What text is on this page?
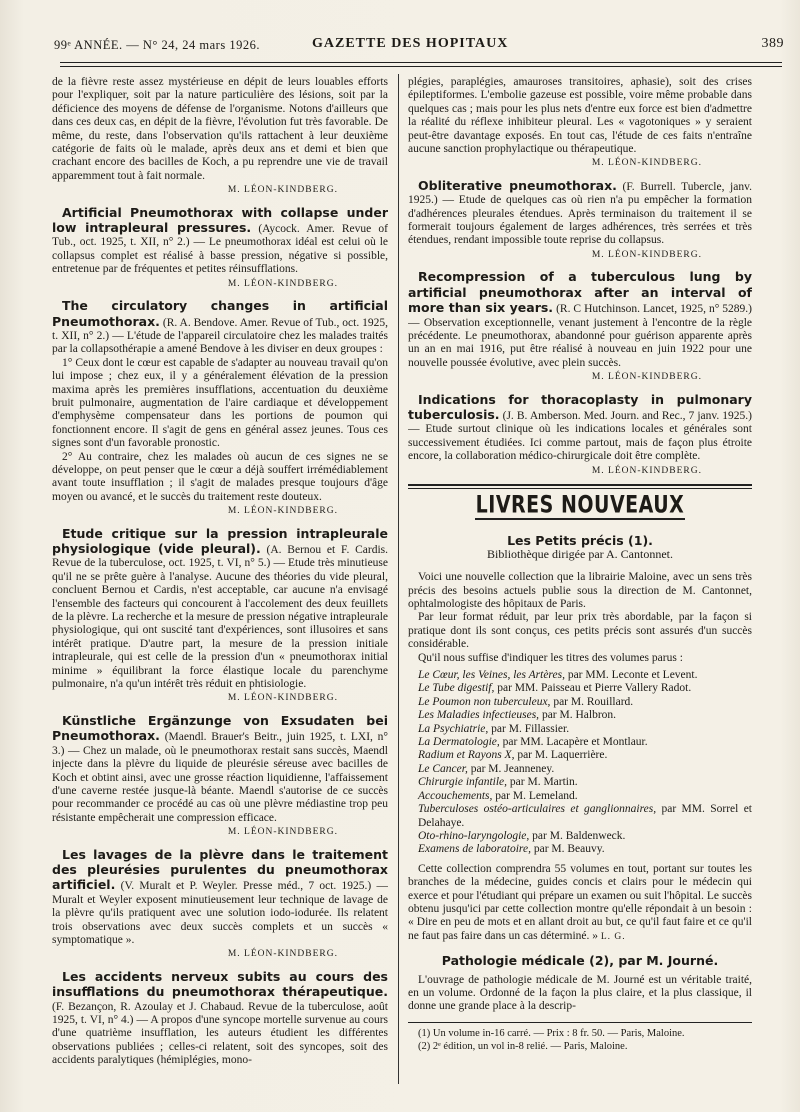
99ᵉ ANNÉE. — N° 24, 24 mars 1926.	GAZETTE DES HOPITAUX	389

de la fièvre reste assez mystérieuse en dépit de leurs louables efforts pour l'expliquer, soit par la nature particulière des lésions, soit par la déficience des moyens de défense de l'organisme. Notons d'ailleurs que dans ces deux cas, en dépit de la fièvre, l'évolution fut très favorable. De même, du reste, dans l'observation qu'ils rattachent à leur deuxième catégorie de faits où le malade, après deux ans et demi et bien que crachant encore des bacilles de Koch, a pu reprendre une vie de travail apparemment tout à fait normale.

M. LÉON-KINDBERG.

Artificial Pneumothorax with collapse under low intrapleural pressures. (Aycock. Amer. Revue of Tub., oct. 1925, t. XII, n° 2.) — Le pneumothorax idéal est celui où le collapsus complet est réalisé à basse pression, négative si possible, entretenue par de fréquentes et petites réinsufflations.

M. LÉON-KINDBERG.

The circulatory changes in artificial Pneumothorax. (R. A. Bendove. Amer. Revue of Tub., oct. 1925, t. XII, n° 2.) — L'étude de l'appareil circulatoire chez les malades traités par la collapsothérapie a amené Bendove à les diviser en deux groupes :

1° Ceux dont le cœur est capable de s'adapter au nouveau travail qu'on lui impose ; chez eux, il y a généralement élévation de la pression maxima après les premières insufflations, accentuation du deuxième bruit pulmonaire, augmentation de l'aire cardiaque et développement d'emphysème compensateur dans les portions de poumon qui fonctionnent encore. Il s'agit de gens en général assez jeunes. Tous ces signes sont d'un favorable pronostic.

2° Au contraire, chez les malades où aucun de ces signes ne se développe, on peut penser que le cœur a déjà souffert irrémédiablement avant toute insufflation ; il s'agit de malades presque toujours d'âge moyen ou avancé, et le succès du traitement reste douteux.

M. LÉON-KINDBERG.

Etude critique sur la pression intrapleurale physiologique (vide pleural). (A. Bernou et F. Cardis. Revue de la tuberculose, oct. 1925, t. VI, n° 5.) — Etude très minutieuse qu'il ne se prête guère à l'analyse. Aucune des théories du vide pleural, concluent Bernou et Cardis, n'est acceptable, car aucune n'a envisagé l'ensemble des facteurs qui concourent à l'accolement des deux feuillets de la plèvre. La recherche et la mesure de pression négative intrapleurale physiologique, qui ont suscité tant d'expériences, sont illusoires et sans intérêt pratique. D'autre part, la mesure de la pression initiale intrapleurale, qui est celle de la pression d'un « pneumothorax initial minime » équilibrant la force élastique locale du parenchyme pulmonaire, n'a qu'un intérêt très réduit en phtisiologie.

M. LÉON-KINDBERG.

Künstliche Ergänzunge von Exsudaten bei Pneumothorax. (Maendl. Brauer's Beitr., juin 1925, t. LXI, n° 3.) — Chez un malade, où le pneumothorax restait sans succès, Maendl injecte dans la plèvre du liquide de pleurésie séreuse avec bacilles de Koch et obtint ainsi, avec une grosse réaction liquidienne, l'affaissement d'une caverne restée jusque-là béante. Maendl s'autorise de ce succès pour recommander ce procédé au cas où une plèvre médiastine trop peu résistante empêcherait une compression efficace.

M. LÉON-KINDBERG.

Les lavages de la plèvre dans le traitement des pleurésies purulentes du pneumothorax artificiel. (V. Muralt et P. Weyler. Presse méd., 7 oct. 1925.) — Muralt et Weyler exposent minutieusement leur technique de lavage de la plèvre qu'ils pratiquent avec une solution iodo-iodurée. Ils relatent trois observations avec deux succès complets et un succès « symptomatique ».

M. LÉON-KINDBERG.

Les accidents nerveux subits au cours des insufflations du pneumothorax thérapeutique. (F. Bezançon, R. Azoulay et J. Chabaud. Revue de la tuberculose, août 1925, t. VI, n° 4.) — A propos d'une syncope mortelle survenue au cours d'une quatrième insufflation, les auteurs étudient les différentes observations publiées ; celles-ci relatent, soit des syncopes, soit des accidents paralytiques (hémiplégies, mono-

plégies, paraplégies, amauroses transitoires, aphasie), soit des crises épileptiformes. L'embolie gazeuse est possible, voire même probable dans quelques cas ; mais pour les plus nets d'entre eux force est bien d'admettre la réalité du réflexe inhibiteur pleural. Les « vagotoniques » y seraient peut-être davantage exposés. En tout cas, l'étude de ces faits n'entraîne aucune sanction prophylactique ou thérapeutique.

M. LÉON-KINDBERG.

Obliterative pneumothorax. (F. Burrell. Tubercle, janv. 1925.) — Etude de quelques cas où rien n'a pu empêcher la formation d'adhérences pleurales étendues. Après terminaison du traitement il se formerait toujours également de larges adhérences, très serrées et très étendues, rendant impossible toute reprise du collapsus.

M. LÉON-KINDBERG.

Recompression of a tuberculous lung by artificial pneumothorax after an interval of more than six years. (R. C Hutchinson. Lancet, 1925, n° 5289.) — Observation exceptionnelle, venant justement à l'encontre de la règle précédente. Le pneumothorax, abandonné pour guérison apparente après un an en mai 1916, put être réalisé à nouveau en juin 1922 pour une nouvelle poussée évolutive, avec plein succès.

M. LÉON-KINDBERG.

Indications for thoracoplasty in pulmonary tuberculosis. (J. B. Amberson. Med. Journ. and Rec., 7 janv. 1925.) — Etude surtout clinique où les indications locales et générales sont successivement étudiées. Ici comme partout, mais de façon plus étroite encore, la collaboration médico-chirurgicale doit être complète.

M. LÉON-KINDBERG.
LIVRES NOUVEAUX
Les Petits précis (1).
Bibliothèque dirigée par A. Cantonnet.

Voici une nouvelle collection que la librairie Maloine, avec un sens très précis des besoins actuels publie sous la direction de M. Cantonnet, ophtalmologiste des hôpitaux de Paris.

Par leur format réduit, par leur prix très abordable, par la façon si pratique dont ils sont conçus, ces petits précis sont assurés d'un succès considérable.

Qu'il nous suffise d'indiquer les titres des volumes parus :

Le Cœur, les Veines, les Artères, par MM. Leconte et Levent.
Le Tube digestif, par MM. Paisseau et Pierre Vallery Radot.
Le Poumon non tuberculeux, par M. Rouillard.
Les Maladies infectieuses, par M. Halbron.
La Psychiatrie, par M. Fillassier.
La Dermatologie, par MM. Lacapère et Montlaur.
Radium et Rayons X, par M. Laquerrière.
Le Cancer, par M. Jeanneney.
Chirurgie infantile, par M. Martin.
Accouchements, par M. Lemeland.
Tuberculoses ostéo-articulaires et ganglionnaires, par MM. Sorrel et Delahaye.
Oto-rhino-laryngologie, par M. Baldenweck.
Examens de laboratoire, par M. Beauvy.

Cette collection comprendra 55 volumes en tout, portant sur toutes les branches de la médecine, guides concis et clairs pour le médecin qui exerce et pour l'étudiant qui prépare un examen ou suit l'hôpital. Le succès obtenu jusqu'ici par cette collection montre qu'elle répondait à un besoin : « Dire en peu de mots et en allant droit au but, ce qu'il faut faire et ce qu'il ne faut pas faire dans un cas déterminé. » L. G.

Pathologie médicale (2), par M. Journé.

L'ouvrage de pathologie médicale de M. Journé est un véritable traité, en un volume. Ordonné de la façon la plus claire, et la plus classique, il donne une grande place à la descrip-

(1) Un volume in-16 carré. — Prix : 8 fr. 50. — Paris, Maloine.
(2) 2ᵉ édition, un vol in-8 relié. — Paris, Maloine.
